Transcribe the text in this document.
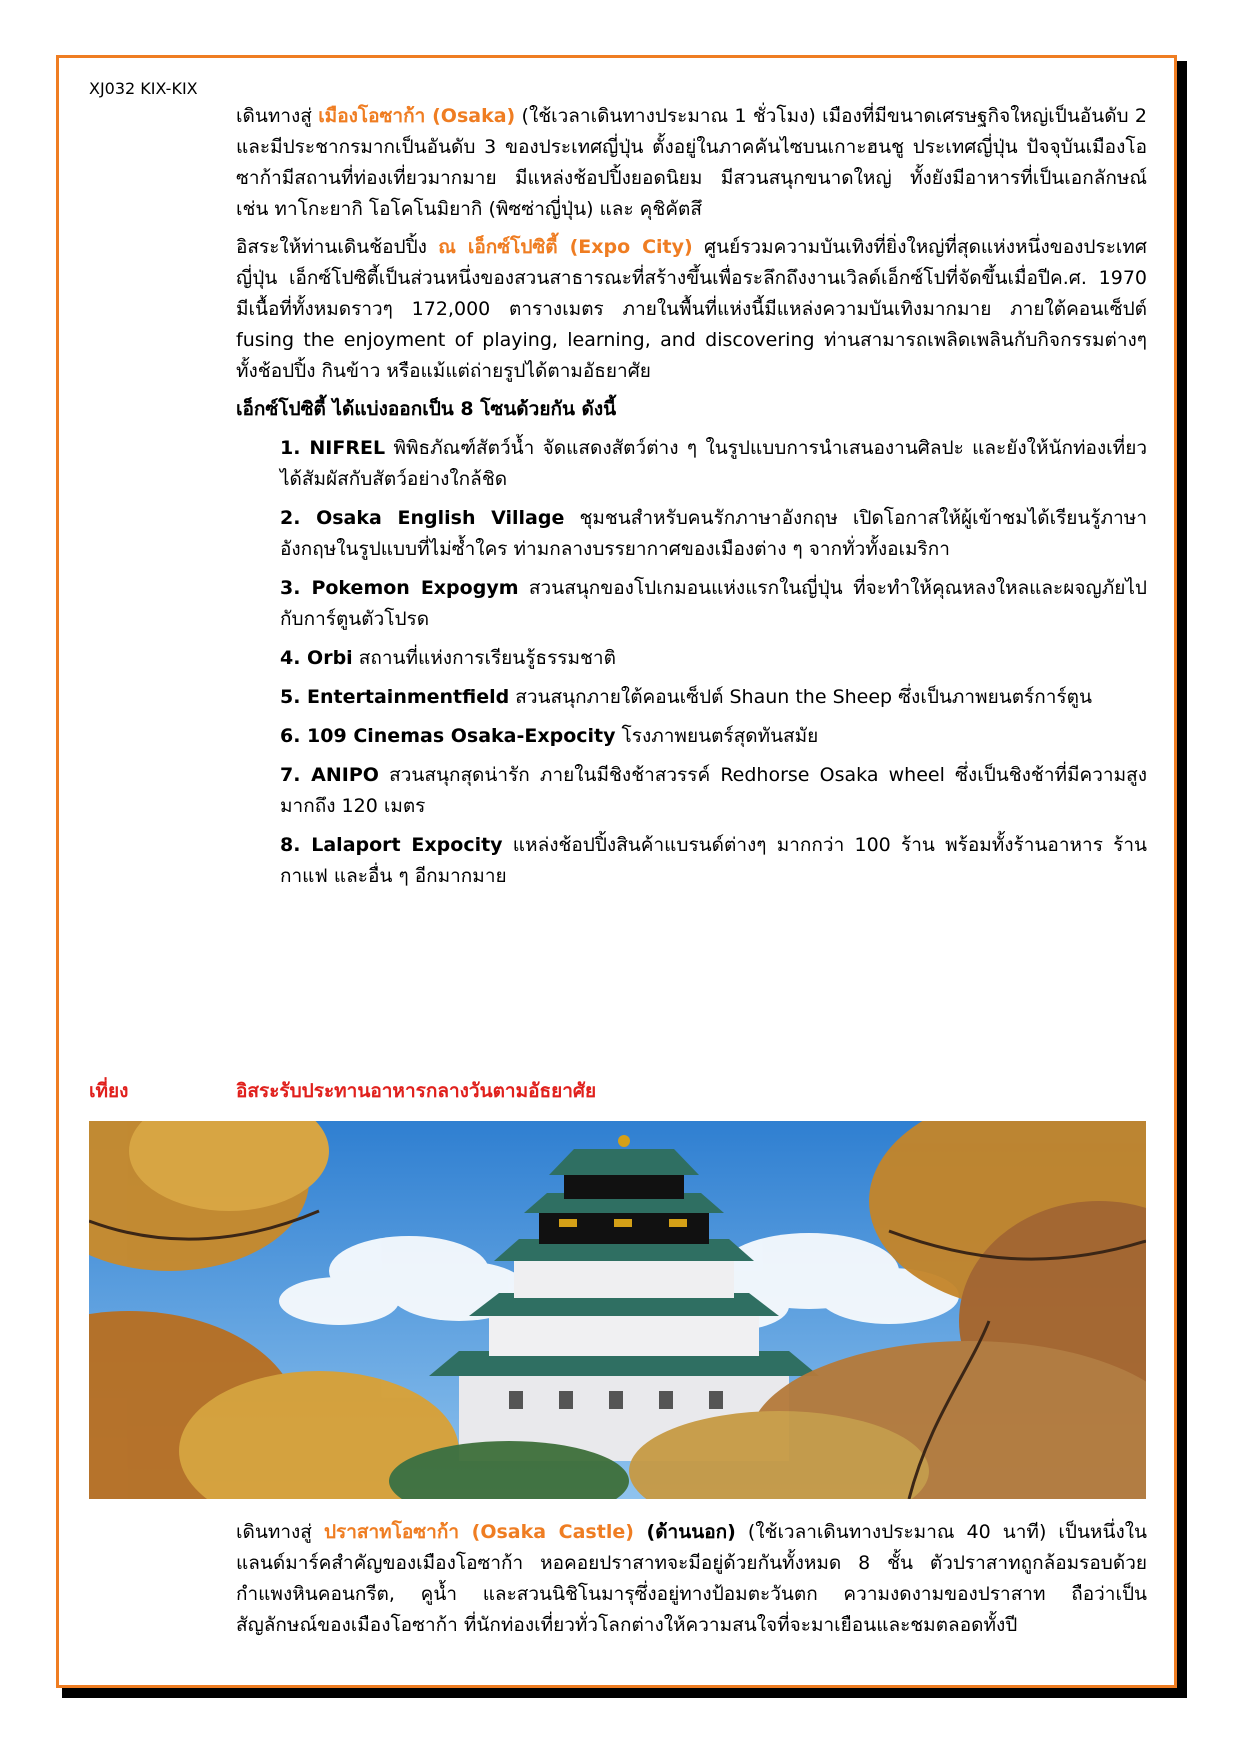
XJ032 KIX-KIX

เดินทางสู่ เมืองโอซาก้า (Osaka) (ใช้เวลาเดินทางประมาณ 1 ชั่วโมง) เมืองที่มีขนาดเศรษฐกิจใหญ่เป็นอันดับ 2 และมีประชากรมากเป็นอันดับ 3 ของประเทศญี่ปุ่น ตั้งอยู่ในภาคคันไซบนเกาะฮนชู ประเทศญี่ปุ่น ปัจจุบันเมืองโอซาก้ามีสถานที่ท่องเที่ยวมากมาย มีแหล่งช้อปปิ้งยอดนิยม มีสวนสนุกขนาดใหญ่ ทั้งยังมีอาหารที่เป็นเอกลักษณ์ เช่น ทาโกะยากิ โอโคโนมิยากิ (พิซซ่าญี่ปุ่น) และ คุชิคัตสึ

อิสระให้ท่านเดินช้อปปิ้ง ณ เอ็กซ์โปซิตี้ (Expo City) ศูนย์รวมความบันเทิงที่ยิ่งใหญ่ที่สุดแห่งหนึ่งของประเทศญี่ปุ่น เอ็กซ์โปซิตี้เป็นส่วนหนึ่งของสวนสาธารณะที่สร้างขึ้นเพื่อระลึกถึงงานเวิลด์เอ็กซ์โปที่จัดขึ้นเมื่อปีค.ศ. 1970 มีเนื้อที่ทั้งหมดราวๆ 172,000 ตารางเมตร ภายในพื้นที่แห่งนี้มีแหล่งความบันเทิงมากมาย ภายใต้คอนเซ็ปต์ fusing the enjoyment of playing, learning, and discovering ท่านสามารถเพลิดเพลินกับกิจกรรมต่างๆ ทั้งช้อปปิ้ง กินข้าว หรือแม้แต่ถ่ายรูปได้ตามอัธยาศัย

เอ็กซ์โปซิตี้ ได้แบ่งออกเป็น 8 โซนด้วยกัน ดังนี้
1. NIFREL พิพิธภัณฑ์สัตว์น้ำ จัดแสดงสัตว์ต่าง ๆ ในรูปแบบการนำเสนองานศิลปะ และยังให้นักท่องเที่ยวได้สัมผัสกับสัตว์อย่างใกล้ชิด
2. Osaka English Village ชุมชนสำหรับคนรักภาษาอังกฤษ เปิดโอกาสให้ผู้เข้าชมได้เรียนรู้ภาษาอังกฤษในรูปแบบที่ไม่ซ้ำใคร ท่ามกลางบรรยากาศของเมืองต่าง ๆ จากทั่วทั้งอเมริกา
3. Pokemon Expogym สวนสนุกของโปเกมอนแห่งแรกในญี่ปุ่น ที่จะทำให้คุณหลงใหลและผจญภัยไปกับการ์ตูนตัวโปรด
4. Orbi สถานที่แห่งการเรียนรู้ธรรมชาติ
5. Entertainmentfield สวนสนุกภายใต้คอนเซ็ปต์ Shaun the Sheep ซึ่งเป็นภาพยนตร์การ์ตูน
6. 109 Cinemas Osaka-Expocity โรงภาพยนตร์สุดทันสมัย
7. ANIPO สวนสนุกสุดน่ารัก ภายในมีชิงช้าสวรรค์ Redhorse Osaka wheel ซึ่งเป็นชิงช้าที่มีความสูงมากถึง 120 เมตร
8. Lalaport Expocity แหล่งช้อปปิ้งสินค้าแบรนด์ต่างๆ มากกว่า 100 ร้าน พร้อมทั้งร้านอาหาร ร้านกาแฟ และอื่น ๆ อีกมากมาย
เที่ยง	อิสระรับประทานอาหารกลางวันตามอัธยาศัย
เดินทางสู่ ปราสาทโอซาก้า (Osaka Castle) (ด้านนอก) (ใช้เวลาเดินทางประมาณ 40 นาที) เป็นหนึ่งในแลนด์มาร์คสำคัญของเมืองโอซาก้า หอคอยปราสาทจะมีอยู่ด้วยกันทั้งหมด 8 ชั้น ตัวปราสาทถูกล้อมรอบด้วยกำแพงหินคอนกรีต, คูน้ำ และสวนนิชิโนมารุซึ่งอยู่ทางป้อมตะวันตก ความงดงามของปราสาท ถือว่าเป็นสัญลักษณ์ของเมืองโอซาก้า ที่นักท่องเที่ยวทั่วโลกต่างให้ความสนใจที่จะมาเยือนและชมตลอดทั้งปี
